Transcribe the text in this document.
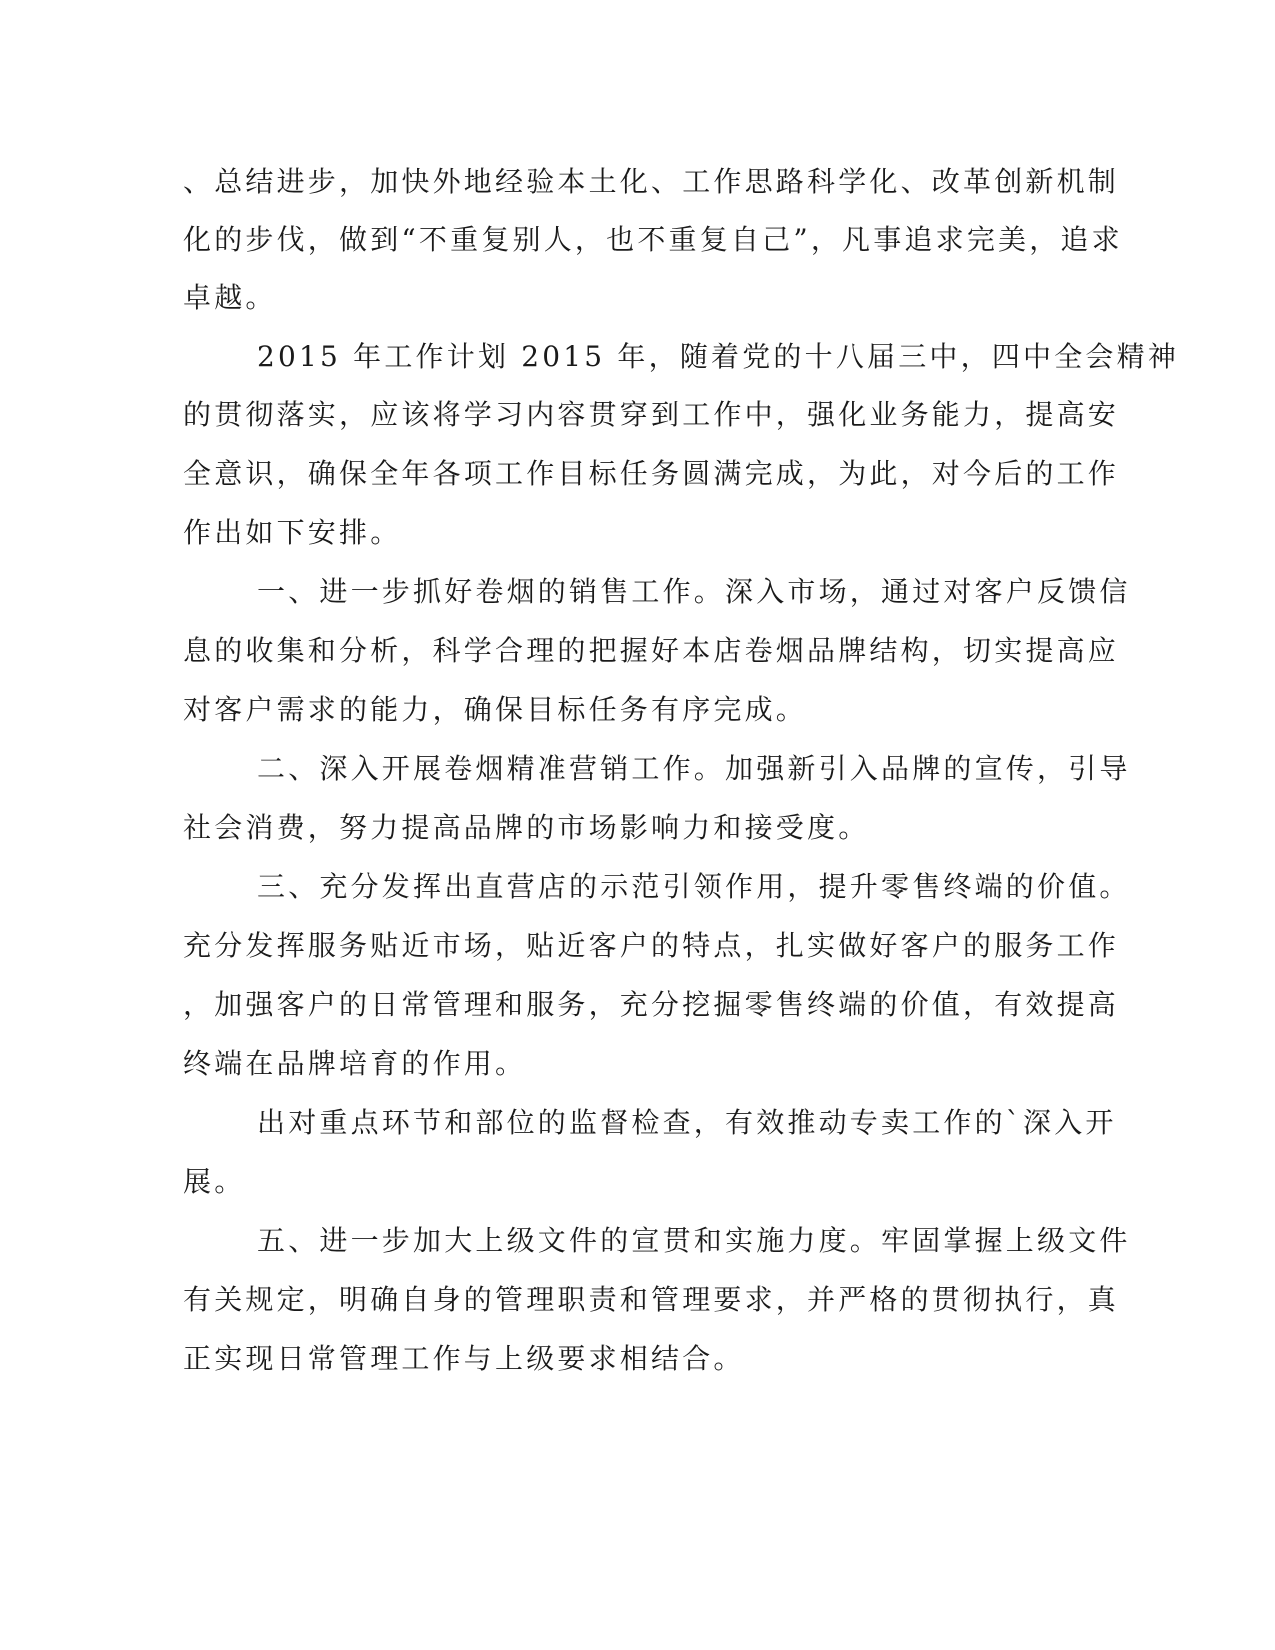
、总结进步，加快外地经验本土化、工作思路科学化、改革创新机制
化的步伐，做到“不重复别人，也不重复自己”，凡事追求完美，追求
卓越。
2015 年工作计划 2015 年，随着党的十八届三中，四中全会精神
的贯彻落实，应该将学习内容贯穿到工作中，强化业务能力，提高安
全意识，确保全年各项工作目标任务圆满完成，为此，对今后的工作
作出如下安排。
一、进一步抓好卷烟的销售工作。深入市场，通过对客户反馈信
息的收集和分析，科学合理的把握好本店卷烟品牌结构，切实提高应
对客户需求的能力，确保目标任务有序完成。
二、深入开展卷烟精准营销工作。加强新引入品牌的宣传，引导
社会消费，努力提高品牌的市场影响力和接受度。
三、充分发挥出直营店的示范引领作用，提升零售终端的价值。
充分发挥服务贴近市场，贴近客户的特点，扎实做好客户的服务工作
，加强客户的日常管理和服务，充分挖掘零售终端的价值，有效提高
终端在品牌培育的作用。
出对重点环节和部位的监督检查，有效推动专卖工作的`深入开
展。
五、进一步加大上级文件的宣贯和实施力度。牢固掌握上级文件
有关规定，明确自身的管理职责和管理要求，并严格的贯彻执行，真
正实现日常管理工作与上级要求相结合。
